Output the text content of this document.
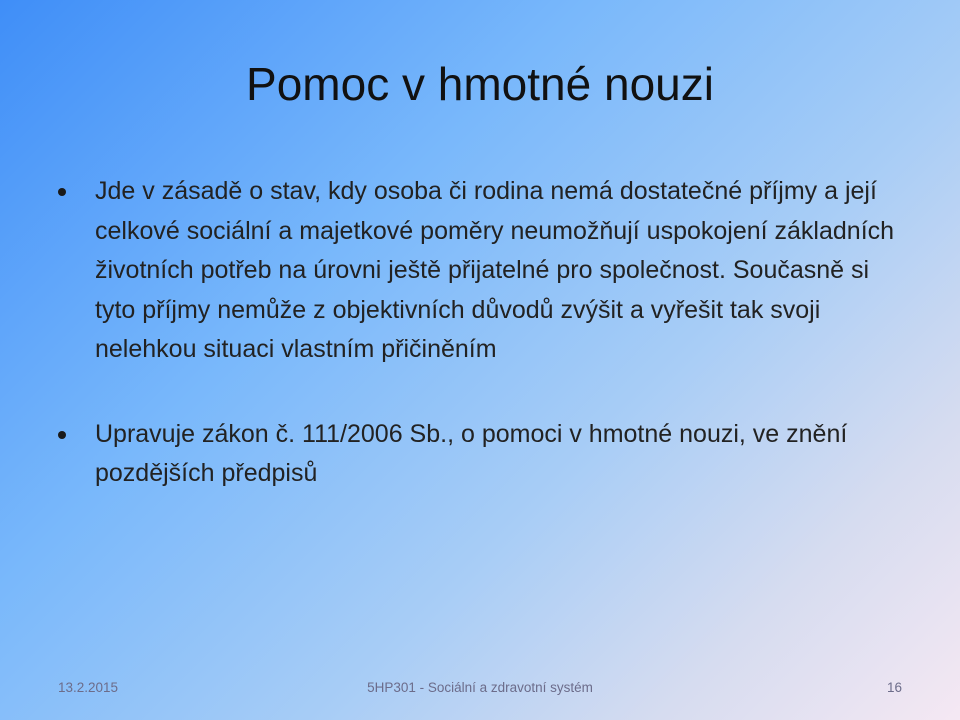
Pomoc v hmotné nouzi
Jde v zásadě o stav, kdy osoba či rodina nemá dostatečné příjmy a její celkové sociální a majetkové poměry neumožňují uspokojení základních životních potřeb na úrovni ještě přijatelné pro společnost. Současně si tyto příjmy nemůže z objektivních důvodů zvýšit a vyřešit tak svoji nelehkou situaci vlastním přičiněním
Upravuje zákon č. 111/2006 Sb., o pomoci v hmotné nouzi, ve znění pozdějších předpisů
13.2.2015	5HP301 - Sociální a zdravotní systém	16
